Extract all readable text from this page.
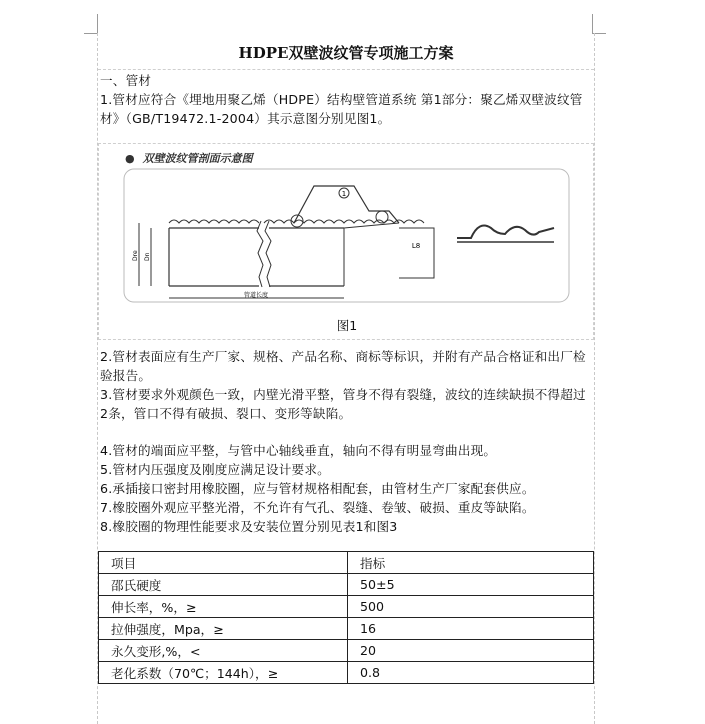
HDPE双壁波纹管专项施工方案
一、管材
1.管材应符合《埋地用聚乙烯（HDPE）结构壁管道系统 第1部分：聚乙烯双壁波纹管材》（GB/T19472.1-2004）其示意图分别见图1。
● 双壁波纹管剖面示意图
1
L8
Dre Dn
管道长度
图1
2.管材表面应有生产厂家、规格、产品名称、商标等标识，并附有产品合格证和出厂检验报告。
3.管材要求外观颜色一致，内壁光滑平整，管身不得有裂缝，波纹的连续缺损不得超过2条，管口不得有破损、裂口、变形等缺陷。
4.管材的端面应平整，与管中心轴线垂直，轴向不得有明显弯曲出现。
5.管材内压强度及刚度应满足设计要求。
6.承插接口密封用橡胶圈，应与管材规格相配套，由管材生产厂家配套供应。
7.橡胶圈外观应平整光滑，不允许有气孔、裂缝、卷皱、破损、重皮等缺陷。
8.橡胶圈的物理性能要求及安装位置分别见表1和图3
项目	指标
邵氏硬度	50±5
伸长率，%，≥	500
拉伸强度，Mpa，≥	16
永久变形,%，<	20
老化系数（70℃；144h），≥	0.8
